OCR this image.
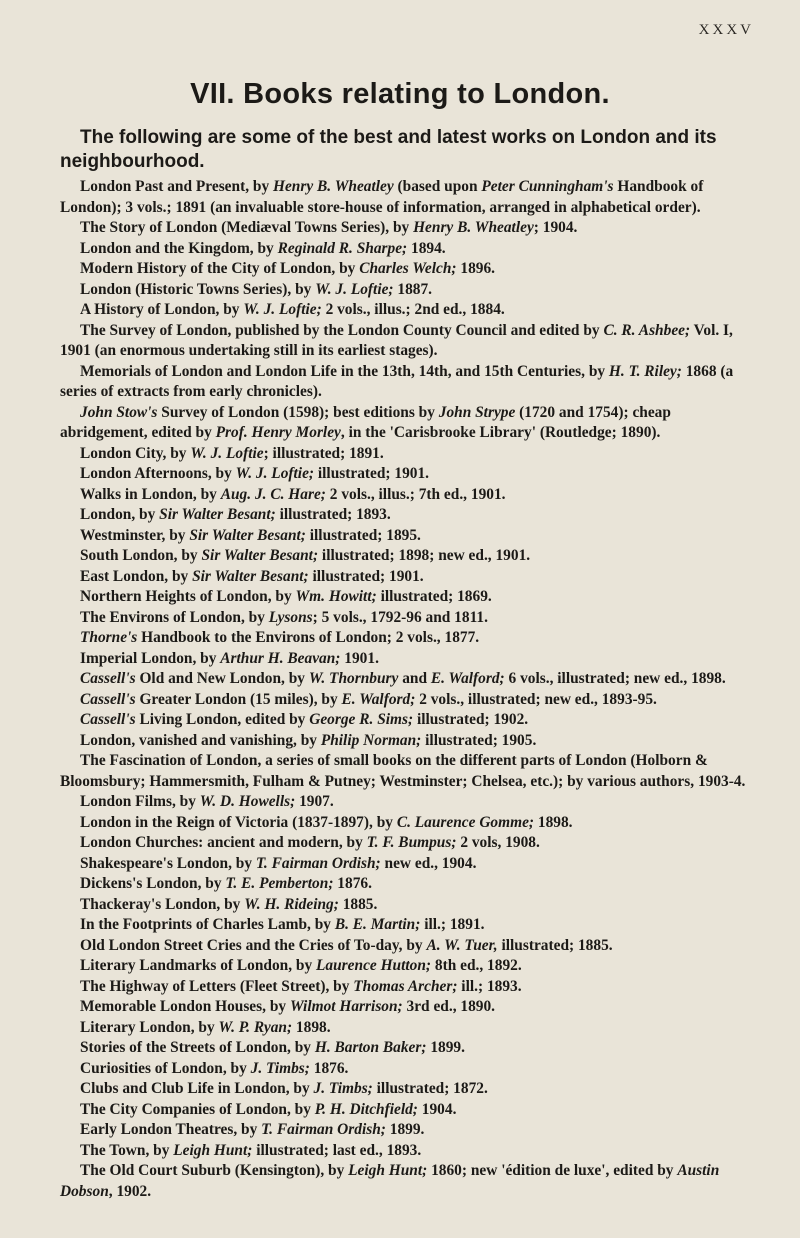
XXXV
VII. Books relating to London.

The following are some of the best and latest works on London and its neighbourhood.

London Past and Present, by Henry B. Wheatley (based upon Peter Cunningham's Handbook of London); 3 vols.; 1891 (an invaluable store-house of information, arranged in alphabetical order).
The Story of London (Mediæval Towns Series), by Henry B. Wheatley; 1904.
London and the Kingdom, by Reginald R. Sharpe; 1894.
Modern History of the City of London, by Charles Welch; 1896.
London (Historic Towns Series), by W. J. Loftie; 1887.
A History of London, by W. J. Loftie; 2 vols., illus.; 2nd ed., 1884.
The Survey of London, published by the London County Council and edited by C. R. Ashbee; Vol. I, 1901 (an enormous undertaking still in its earliest stages).
Memorials of London and London Life in the 13th, 14th, and 15th Centuries, by H. T. Riley; 1868 (a series of extracts from early chronicles).
John Stow's Survey of London (1598); best editions by John Strype (1720 and 1754); cheap abridgement, edited by Prof. Henry Morley, in the 'Carisbrooke Library' (Routledge; 1890).
London City, by W. J. Loftie; illustrated; 1891.
London Afternoons, by W. J. Loftie; illustrated; 1901.
Walks in London, by Aug. J. C. Hare; 2 vols., illus.; 7th ed., 1901.
London, by Sir Walter Besant; illustrated; 1893.
Westminster, by Sir Walter Besant; illustrated; 1895.
South London, by Sir Walter Besant; illustrated; 1898; new ed., 1901.
East London, by Sir Walter Besant; illustrated; 1901.
Northern Heights of London, by Wm. Howitt; illustrated; 1869.
The Environs of London, by Lysons; 5 vols., 1792-96 and 1811.
Thorne's Handbook to the Environs of London; 2 vols., 1877.
Imperial London, by Arthur H. Beavan; 1901.
Cassell's Old and New London, by W. Thornbury and E. Walford; 6 vols., illustrated; new ed., 1898.
Cassell's Greater London (15 miles), by E. Walford; 2 vols., illustrated; new ed., 1893-95.
Cassell's Living London, edited by George R. Sims; illustrated; 1902.
London, vanished and vanishing, by Philip Norman; illustrated; 1905.
The Fascination of London, a series of small books on the different parts of London (Holborn & Bloomsbury; Hammersmith, Fulham & Putney; Westminster; Chelsea, etc.); by various authors, 1903-4.
London Films, by W. D. Howells; 1907.
London in the Reign of Victoria (1837-1897), by C. Laurence Gomme; 1898.
London Churches: ancient and modern, by T. F. Bumpus; 2 vols, 1908.
Shakespeare's London, by T. Fairman Ordish; new ed., 1904.
Dickens's London, by T. E. Pemberton; 1876.
Thackeray's London, by W. H. Rideing; 1885.
In the Footprints of Charles Lamb, by B. E. Martin; ill.; 1891.
Old London Street Cries and the Cries of To-day, by A. W. Tuer, illustrated; 1885.
Literary Landmarks of London, by Laurence Hutton; 8th ed., 1892.
The Highway of Letters (Fleet Street), by Thomas Archer; ill.; 1893.
Memorable London Houses, by Wilmot Harrison; 3rd ed., 1890.
Literary London, by W. P. Ryan; 1898.
Stories of the Streets of London, by H. Barton Baker; 1899.
Curiosities of London, by J. Timbs; 1876.
Clubs and Club Life in London, by J. Timbs; illustrated; 1872.
The City Companies of London, by P. H. Ditchfield; 1904.
Early London Theatres, by T. Fairman Ordish; 1899.
The Town, by Leigh Hunt; illustrated; last ed., 1893.
The Old Court Suburb (Kensington), by Leigh Hunt; 1860; new 'édition de luxe', edited by Austin Dobson, 1902.
